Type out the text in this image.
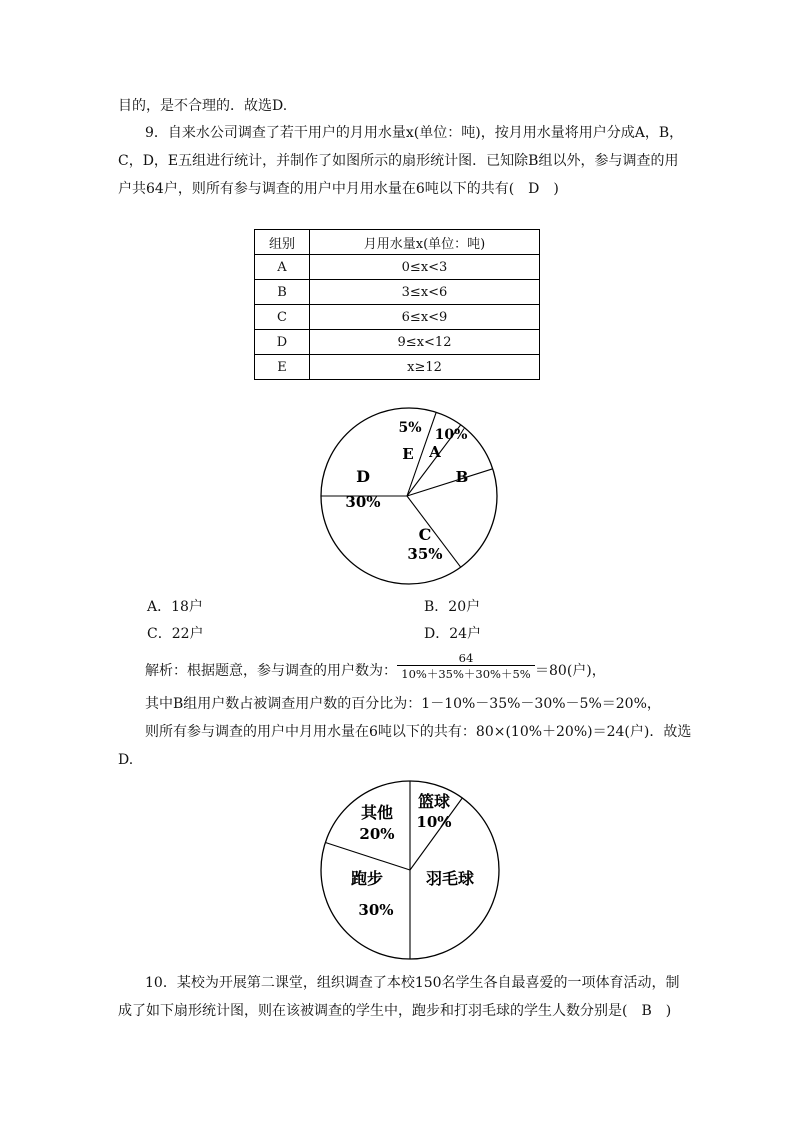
目的，是不合理的．故选D.
9．自来水公司调查了若干用户的月用水量x(单位：吨)，按月用水量将用户分成A，B，
C，D，E五组进行统计，并制作了如图所示的扇形统计图．已知除B组以外，参与调查的用
户共64户，则所有参与调查的用户中月用水量在6吨以下的共有(　D　)
组别	月用水量x(单位：吨)
A	0≤x<3
B	3≤x<6
C	6≤x<9
D	9≤x<12
E	x≥12
5%
E
10%
A
B
D
30%
C
35%
A．18户	B．20户
C．22户	D．24户
解析：根据题意，参与调查的用户数为： $\frac{64}{10\%+35\%+30\%+5\%} =80$(户)，
其中B组用户数占被调查用户数的百分比为：1－10%－35%－30%－5%＝20%，
则所有参与调查的用户中月用水量在6吨以下的共有：80×(10%＋20%)＝24(户)．故选
D.
篮球
10%
其他
20%
羽毛球
跑步
30%
10．某校为开展第二课堂，组织调查了本校150名学生各自最喜爱的一项体育活动，制
成了如下扇形统计图，则在该被调查的学生中，跑步和打羽毛球的学生人数分别是(　B　)
